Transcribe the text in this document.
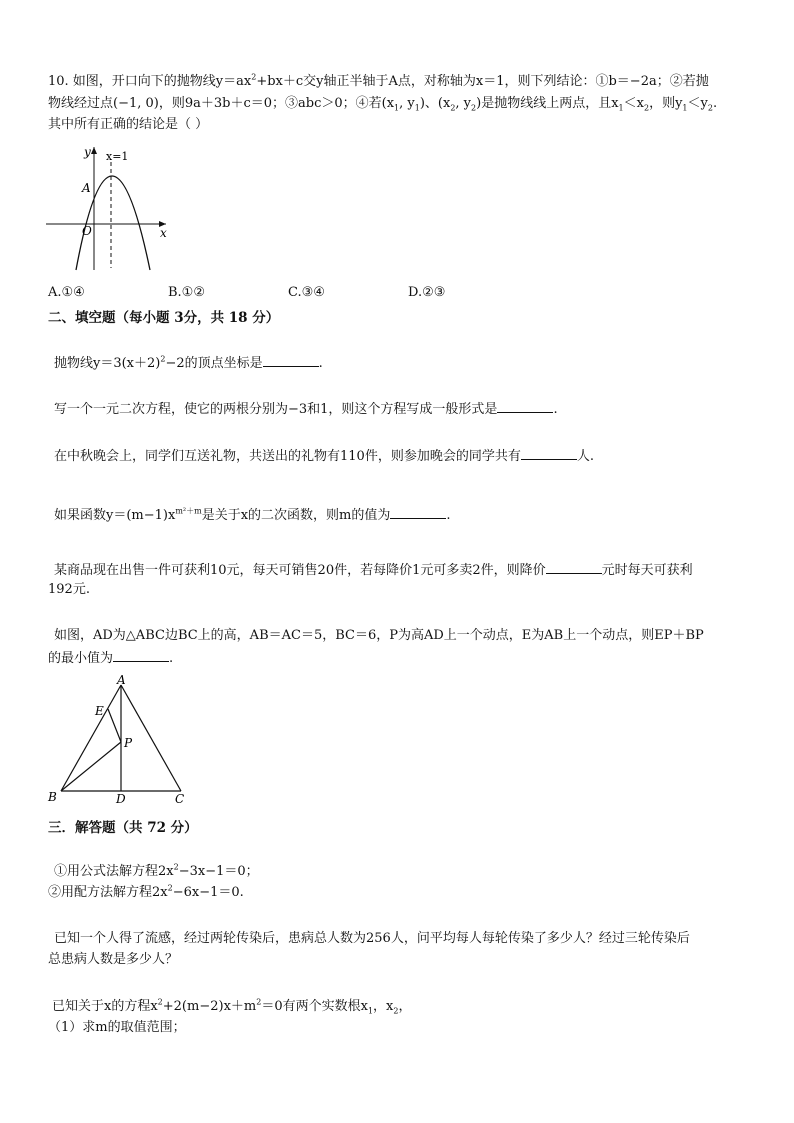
10. 如图，开口向下的抛物线$y=ax^2+bx+c$交y轴正半轴于A点，对称轴为x＝1，则下列结论：①b＝−2a；②若抛
物线经过点(−1, 0)，则9a＋3b＋c＝0；③abc＞0；④若($x_1$, $y_1$)、($x_2$, $y_2$)是抛物线线上两点，且$x_1<x_2$，则$y_1<y_2$.
其中所有正确的结论是（ ）
y
x
x=1
A
O
A.①④	B.①②	C.③④	D.②③
二、填空题（每小题 3分，共 18 分）
抛物线$y=3(x+2)^2-2$的顶点坐标是	.
写一个一元二次方程，使它的两根分别为−3和1，则这个方程写成一般形式是	.
在中秋晚会上，同学们互送礼物，共送出的礼物有110件，则参加晚会的同学共有	人.
如果函数$y=(m-1)x^{m^2+m}$是关于x的二次函数，则m的值为	.
某商品现在出售一件可获利10元，每天可销售20件，若每降价1元可多卖2件，则降价	元时每天可获利
192元.
如图，AD为△ABC边BC上的高，AB＝AC＝5，BC＝6，P为高AD上一个动点，E为AB上一个动点，则EP＋BP
的最小值为	.
A
B	C
D
E
P
三．解答题（共 72 分）
①用公式法解方程$2x^2-3x-1=0$；
②用配方法解方程$2x^2-6x-1=0$.
已知一个人得了流感，经过两轮传染后，患病总人数为256人，问平均每人每轮传染了多少人？经过三轮传染后
总患病人数是多少人？
已知关于x的方程$x^2+2(m-2)x+m^2=0$有两个实数根$x_1$，$x_2$，
（1）求m的取值范围；
